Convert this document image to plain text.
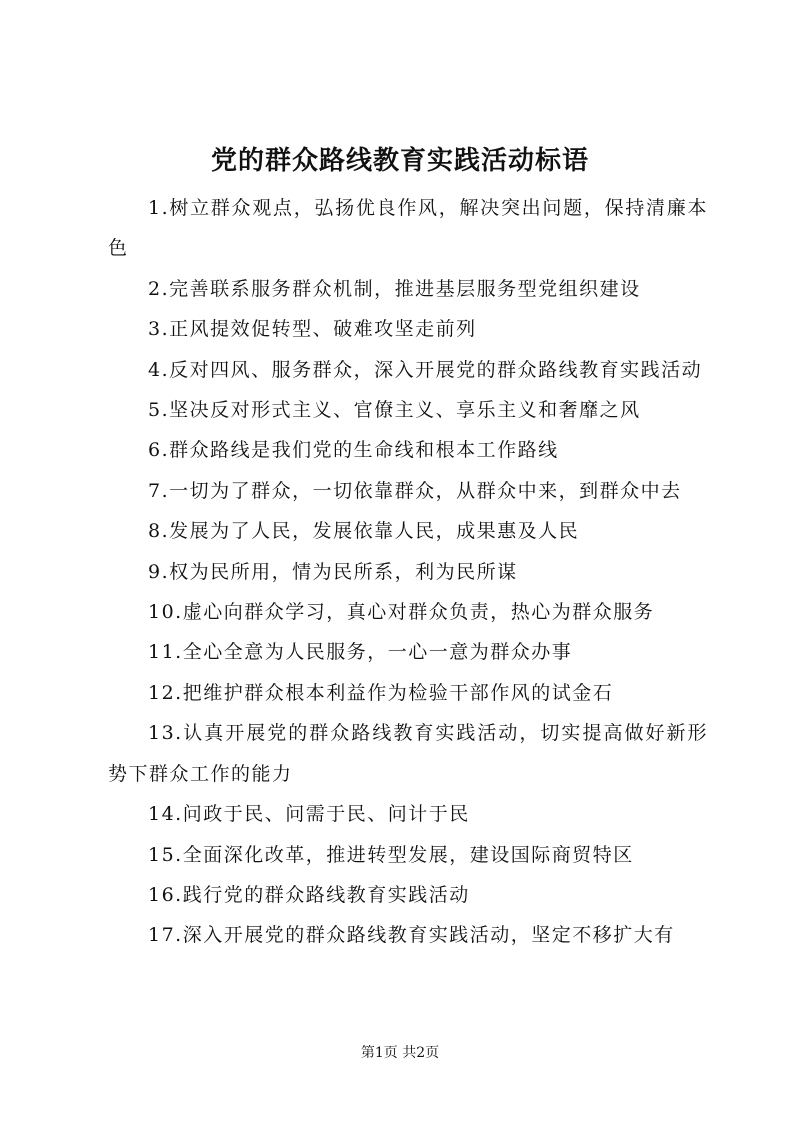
党的群众路线教育实践活动标语

1.树立群众观点，弘扬优良作风，解决突出问题，保持清廉本色

2.完善联系服务群众机制，推进基层服务型党组织建设

3.正风提效促转型、破难攻坚走前列

4.反对四风、服务群众，深入开展党的群众路线教育实践活动

5.坚决反对形式主义、官僚主义、享乐主义和奢靡之风

6.群众路线是我们党的生命线和根本工作路线

7.一切为了群众，一切依靠群众，从群众中来，到群众中去

8.发展为了人民，发展依靠人民，成果惠及人民

9.权为民所用，情为民所系，利为民所谋

10.虚心向群众学习，真心对群众负责，热心为群众服务

11.全心全意为人民服务，一心一意为群众办事

12.把维护群众根本利益作为检验干部作风的试金石

13.认真开展党的群众路线教育实践活动，切实提高做好新形势下群众工作的能力

14.问政于民、问需于民、问计于民

15.全面深化改革，推进转型发展，建设国际商贸特区

16.践行党的群众路线教育实践活动

17.深入开展党的群众路线教育实践活动，坚定不移扩大有

第1页 共2页
